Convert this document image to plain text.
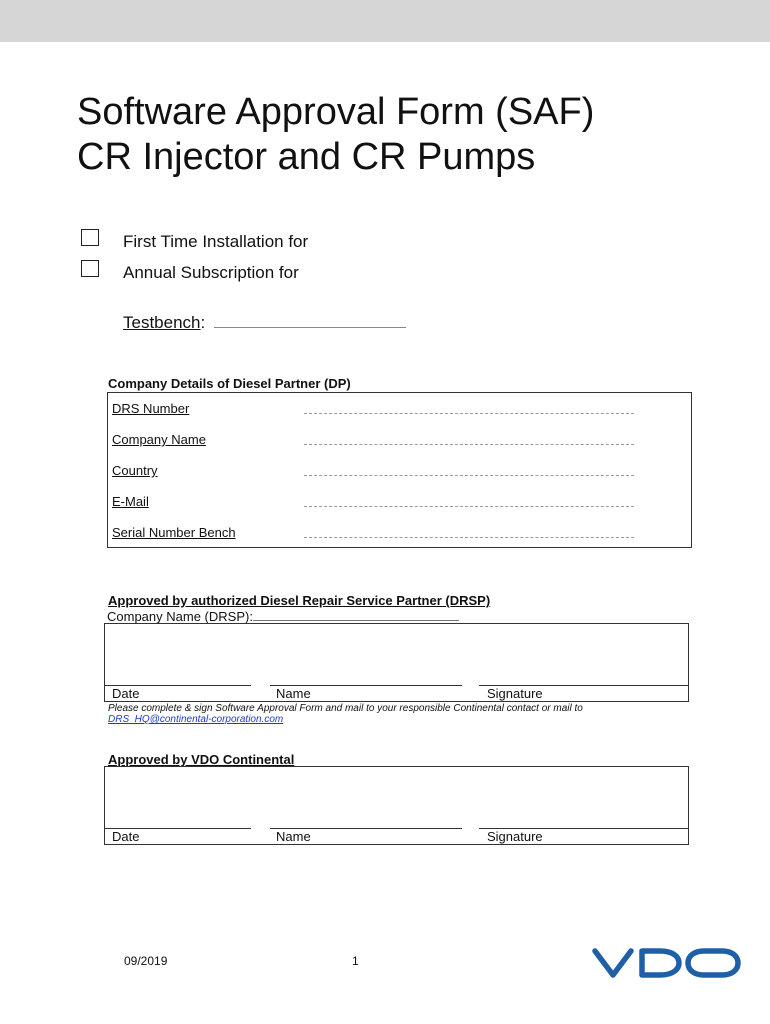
Software Approval Form (SAF)
CR Injector and CR Pumps
First Time Installation for
Annual Subscription for
Testbench:
Company Details of Diesel Partner (DP)
DRS Number
Company Name
Country
E-Mail
Serial Number Bench
Approved by authorized Diesel Repair Service Partner (DRSP)
Company Name (DRSP):
Date	Name	Signature
Please complete & sign Software Approval Form and mail to your responsible Continental contact or mail to
DRS_HQ@continental-corporation.com
Approved by VDO Continental
Date	Name	Signature
09/2019	1
